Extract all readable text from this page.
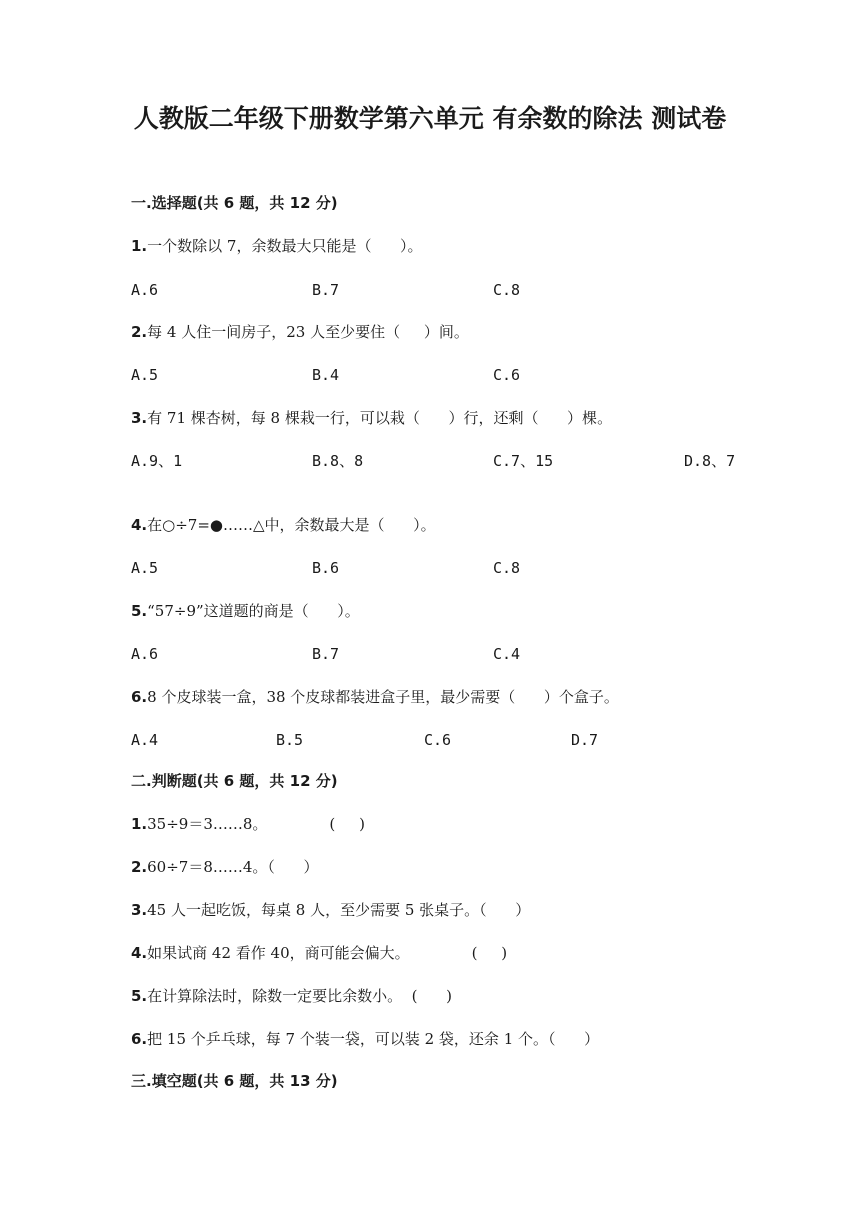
人教版二年级下册数学第六单元 有余数的除法 测试卷
一.选择题(共 6 题，共 12 分)
1.一个数除以 7，余数最大只能是（      ）。
A.6	B.7	C.8
2.每 4 人住一间房子，23 人至少要住（     ）间。
A.5	B.4	C.6
3.有 71 棵杏树，每 8 棵栽一行，可以栽（      ）行，还剩（      ）棵。
A.9、1	B.8、8	C.7、15	D.8、7
4.在○÷7=●……△中，余数最大是（      ）。
A.5	B.6	C.8
5.“57÷9”这道题的商是（      ）。
A.6	B.7	C.4
6.8 个皮球装一盒，38 个皮球都装进盒子里，最少需要（      ）个盒子。
A.4	B.5	C.6	D.7
二.判断题(共 6 题，共 12 分)
1.35÷9＝3……8。             (     )
2.60÷7＝8……4。（      ）
3.45 人一起吃饭，每桌 8 人，至少需要 5 张桌子。（      ）
4.如果试商 42 看作 40，商可能会偏大。             (     )
5.在计算除法时，除数一定要比余数小。  (      )
6.把 15 个乒乓球，每 7 个装一袋，可以装 2 袋，还余 1 个。（      ）
三.填空题(共 6 题，共 13 分)
